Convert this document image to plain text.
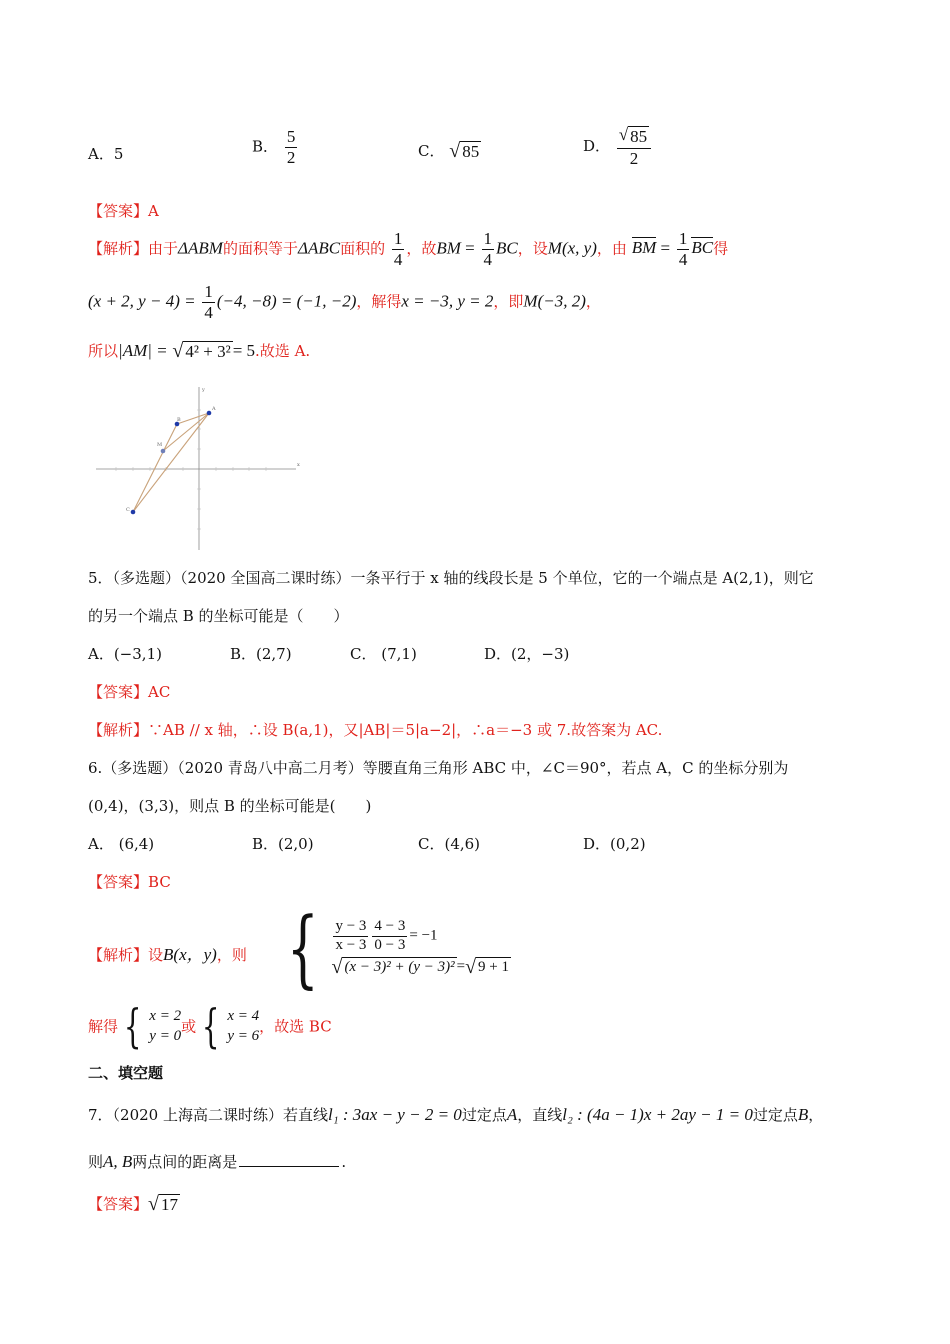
A．5	B． $\frac{5}{2}$	C． √ 85	D． $\frac{√ 85}{2}$
【答案】A
【解析】由于ΔABM的面积等于ΔABC面积的 $\frac{1}{4}$ ，故BM = $\frac{1}{4}$ BC，设M(x, y)，由 BM = $\frac{1}{4}$ BC得
(x + 2, $y - 4) = \frac{1}{4} (-4$, −8) = (−1, −2)，解得x = −3, y = 2，即M(−3, 2)，
所以|AM| = √ 4² + 3² = 5.故选 A.
A
B
M
C
x
y
5．（多选题）（2020 全国高二课时练）一条平行于 x 轴的线段长是 5 个单位，它的一个端点是 A(2,1)，则它
的另一个端点 B 的坐标可能是（　　）
A．(−3,1)	B．(2,7)	C． (7,1)	D．(2，−3)
【答案】AC
【解析】∵AB // x 轴，∴设 B(a,1)，又|AB|＝5|a−2|，∴a＝−3 或 7.故答案为 AC.
6.（多选题）（2020 青岛八中高二月考）等腰直角三角形 ABC 中，∠C＝90°，若点 A，C 的坐标分别为
(0,4)，(3,3)，则点 B 的坐标可能是(　　)
A． (6,4)	B．(2,0)	C．(4,6)	D．(0,2)
【答案】BC
【解析】设B(x，y)，则 { $\frac{y - 3}{x - 3} \frac{4 - 3}{0 - 3} = -1$
√ (x − 3)² + (y − 3)² = √ 9 + 1
解得 { x = 2
y = 0
或 { x = 4
y = 6
，故选 BC
二、填空题
7．（2020 上海高二课时练）若直线l₁ : 3ax − y − 2 = 0过定点A，直线l₂ : (4a − 1)x + 2ay − 1 = 0过定点B，
则A, B两点间的距离是	.
【答案】 √ 17
